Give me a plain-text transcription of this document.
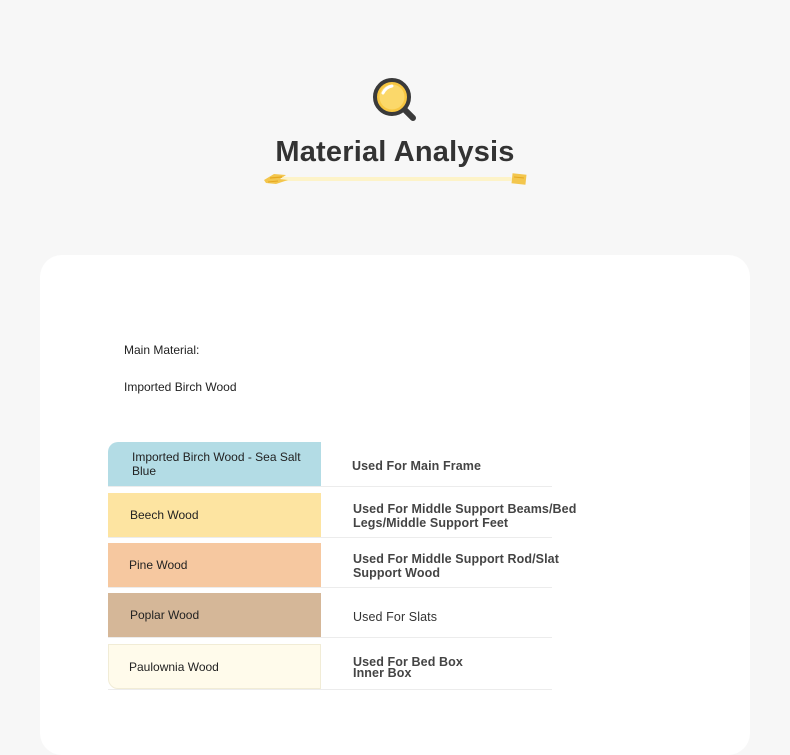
Material Analysis
Main Material:
Imported Birch Wood
Imported Birch Wood - Sea Salt Blue	Used For Main Frame
Beech Wood	Used For Middle Support Beams/Bed Legs/Middle Support Feet
Pine Wood	Used For Middle Support Rod/Slat Support Wood
Poplar Wood	Used For Slats
Paulownia Wood	Used For Bed Box Inner Box
